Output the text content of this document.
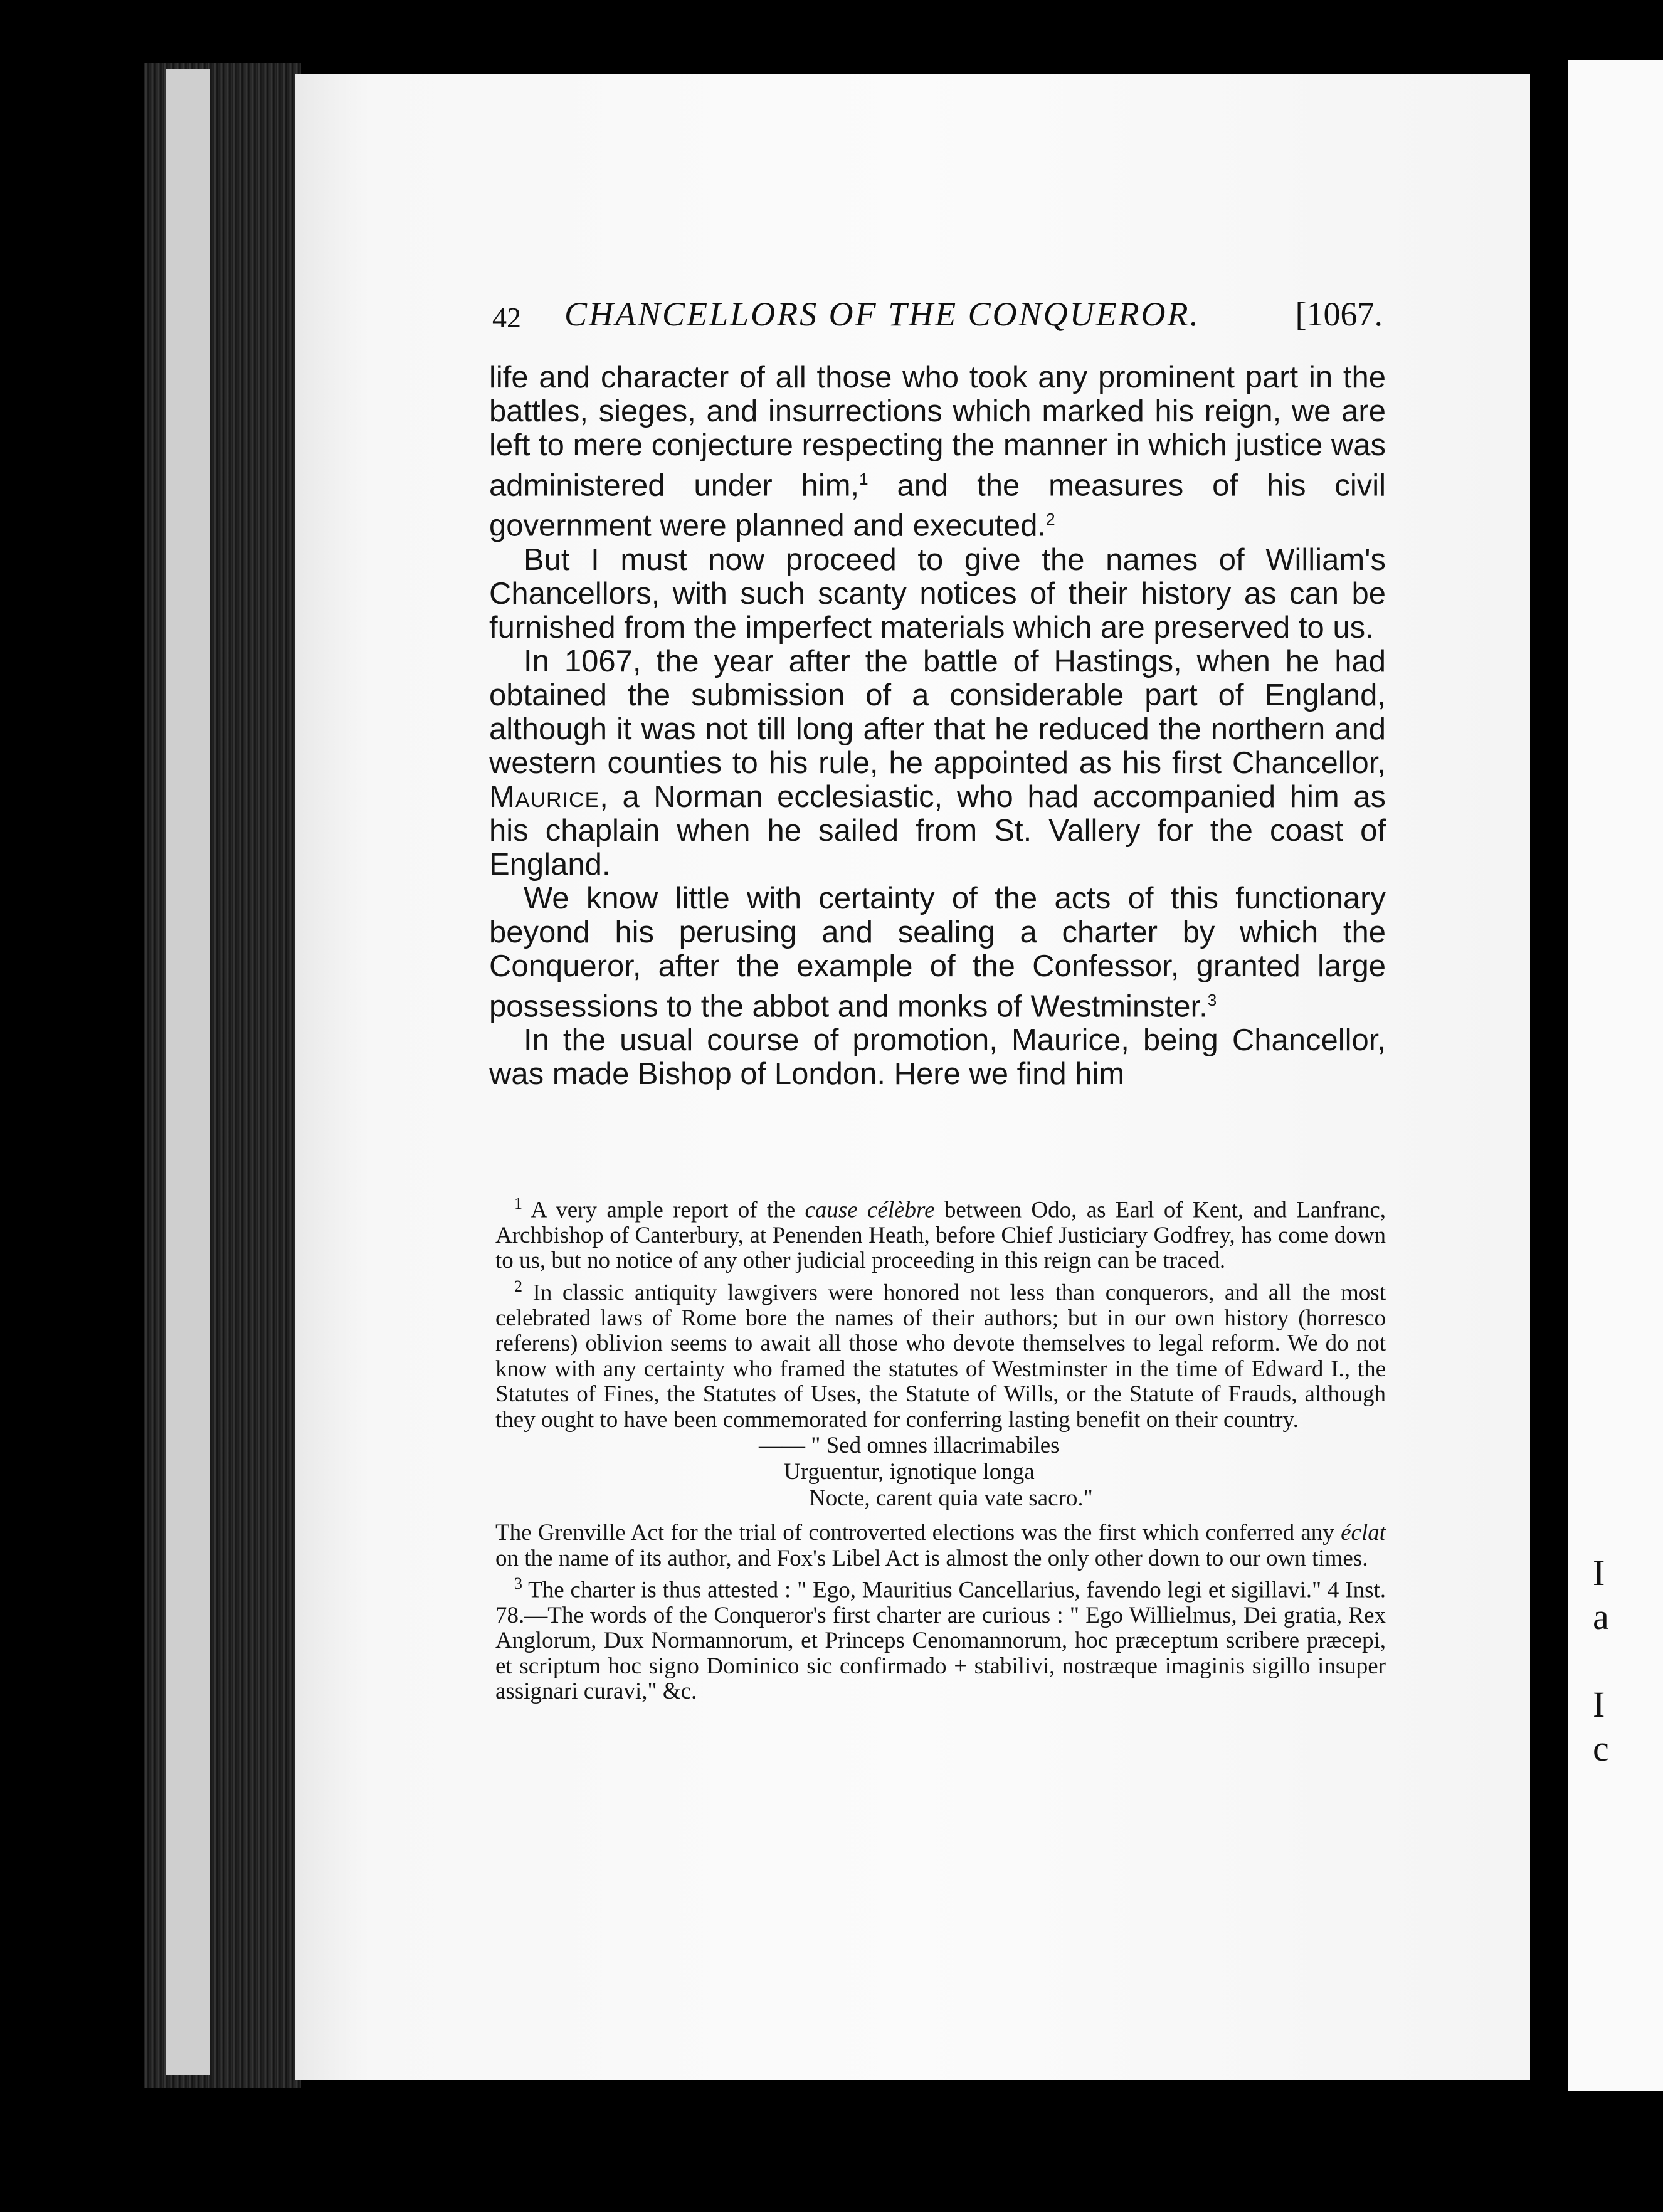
I
a
I
c
42 CHANCELLORS OF THE CONQUEROR.	[1067.

life and character of all those who took any prominent part in the battles, sieges, and insurrections which marked his reign, we are left to mere conjecture respecting the manner in which justice was administered under him,$^1$ and the measures of his civil government were planned and executed.$^2$

But I must now proceed to give the names of William's Chancellors, with such scanty notices of their history as can be furnished from the imperfect materials which are preserved to us.

In 1067, the year after the battle of Hastings, when he had obtained the submission of a considerable part of England, although it was not till long after that he reduced the northern and western counties to his rule, he appointed as his first Chancellor, Maurice, a Norman ecclesiastic, who had accompanied him as his chaplain when he sailed from St. Vallery for the coast of England.

We know little with certainty of the acts of this functionary beyond his perusing and sealing a charter by which the Conqueror, after the example of the Confessor, granted large possessions to the abbot and monks of Westminster.$^3$

In the usual course of promotion, Maurice, being Chancellor, was made Bishop of London. Here we find him

$^1$ A very ample report of the cause célèbre between Odo, as Earl of Kent, and Lanfranc, Archbishop of Canterbury, at Penenden Heath, before Chief Justiciary Godfrey, has come down to us, but no notice of any other judicial proceeding in this reign can be traced.

$^2$ In classic antiquity lawgivers were honored not less than conquerors, and all the most celebrated laws of Rome bore the names of their authors; but in our own history (horresco referens) oblivion seems to await all those who devote themselves to legal reform. We do not know with any certainty who framed the statutes of Westminster in the time of Edward I., the Statutes of Fines, the Statutes of Uses, the Statute of Wills, or the Statute of Frauds, although they ought to have been commemorated for conferring lasting benefit on their country.

—— " Sed omnes illacrimabiles
Urguentur, ignotique longa
Nocte, carent quia vate sacro."

The Grenville Act for the trial of controverted elections was the first which conferred any éclat on the name of its author, and Fox's Libel Act is almost the only other down to our own times.

$^3$ The charter is thus attested : " Ego, Mauritius Cancellarius, favendo legi et sigillavi." 4 Inst. 78.—The words of the Conqueror's first charter are curious : " Ego Willielmus, Dei gratia, Rex Anglorum, Dux Normannorum, et Princeps Cenomannorum, hoc præceptum scribere præcepi, et scriptum hoc signo Dominico sic confirmado + stabilivi, nostræque imaginis sigillo insuper assignari curavi," &c.
